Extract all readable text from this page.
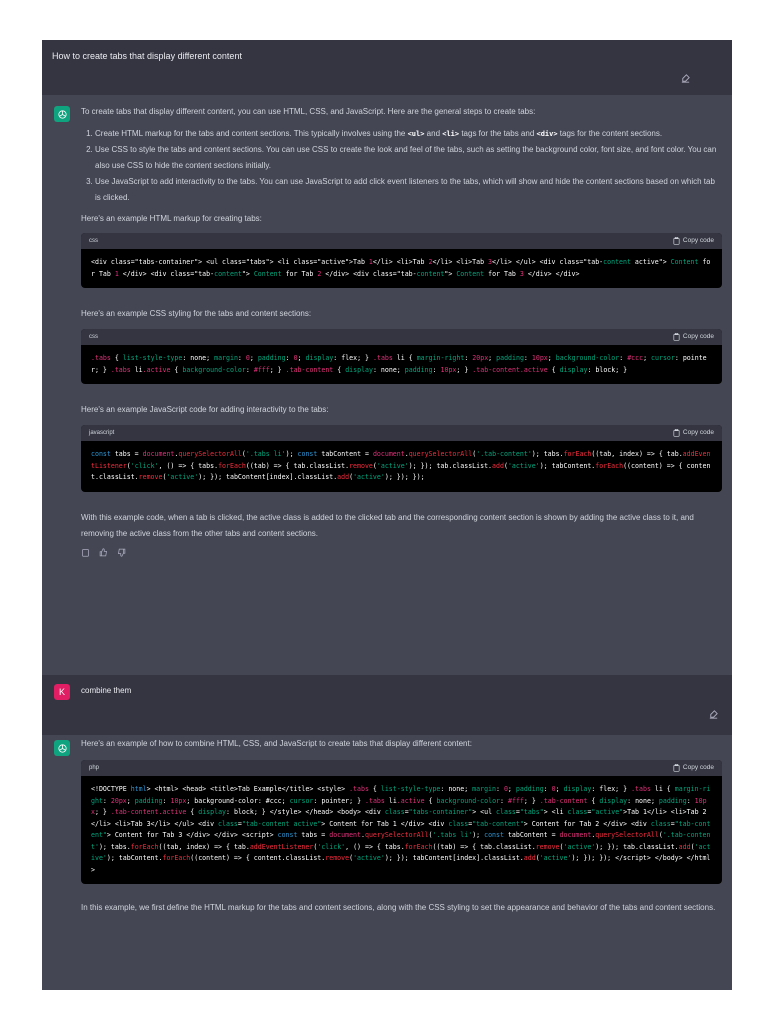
How to create tabs that display different content

To create tabs that display different content, you can use HTML, CSS, and JavaScript. Here are the general steps to create tabs:

1. Create HTML markup for the tabs and content sections. This typically involves using the <ul> and <li> tags for the tabs and <div> tags for the content sections.
2. Use CSS to style the tabs and content sections. You can use CSS to create the look and feel of the tabs, such as setting the background color, font size, and font color. You can also use CSS to hide the content sections initially.
3. Use JavaScript to add interactivity to the tabs. You can use JavaScript to add click event listeners to the tabs, which will show and hide the content sections based on which tab is clicked.

Here's an example HTML markup for creating tabs:

css	Copy code
<div class="tabs-container"> <ul class="tabs"> <li class="active">Tab 1</li> <li>Tab 2</li> <li>Tab 3</li> </ul> <div class="tab-content active"> Content for Tab 1 </div> <div class="tab-content"> Content for Tab 2 </div> <div class="tab-content"> Content for Tab 3 </div> </div>

Here's an example CSS styling for the tabs and content sections:

css	Copy code
.tabs { list-style-type: none; margin: 0; padding: 0; display: flex; } .tabs li { margin-right: 20px; padding: 10px; background-color: #ccc; cursor: pointer; } .tabs li.active { background-color: #fff; } .tab-content { display: none; padding: 10px; } .tab-content.active { display: block; }

Here's an example JavaScript code for adding interactivity to the tabs:

javascript	Copy code
const tabs = document.querySelectorAll('.tabs li'); const tabContent = document.querySelectorAll('.tab-content'); tabs.forEach((tab, index) => { tab.addEventListener('click', () => { tabs.forEach((tab) => { tab.classList.remove('active'); }); tab.classList.add('active'); tabContent.forEach((content) => { content.classList.remove('active'); }); tabContent[index].classList.add('active'); }); });

With this example code, when a tab is clicked, the active class is added to the clicked tab and the corresponding content section is shown by adding the active class to it, and removing the active class from the other tabs and content sections.

K	combine them

Here's an example of how to combine HTML, CSS, and JavaScript to create tabs that display different content:

php	Copy code
<!DOCTYPE html> <html> <head> <title>Tab Example</title> <style> .tabs { list-style-type: none; margin: 0; padding: 0; display: flex; } .tabs li { margin-right: 20px; padding: 10px; background-color: #ccc; cursor: pointer; } .tabs li.active { background-color: #fff; } .tab-content { display: none; padding: 10px; } .tab-content.active { display: block; } </style> </head> <body> <div class="tabs-container"> <ul class="tabs"> <li class="active">Tab 1</li> <li>Tab 2</li> <li>Tab 3</li> </ul> <div class="tab-content active"> Content for Tab 1 </div> <div class="tab-content"> Content for Tab 2 </div> <div class="tab-content"> Content for Tab 3 </div> </div> <script> const tabs = document.querySelectorAll('.tabs li'); const tabContent = document.querySelectorAll('.tab-content'); tabs.forEach((tab, index) => { tab.addEventListener('click', () => { tabs.forEach((tab) => { tab.classList.remove('active'); }); tab.classList.add('active'); tabContent.forEach((content) => { content.classList.remove('active'); }); tabContent[index].classList.add('active'); }); }); </script> </body> </html>

In this example, we first define the HTML markup for the tabs and content sections, along with the CSS styling to set the appearance and behavior of the tabs and content sections.
